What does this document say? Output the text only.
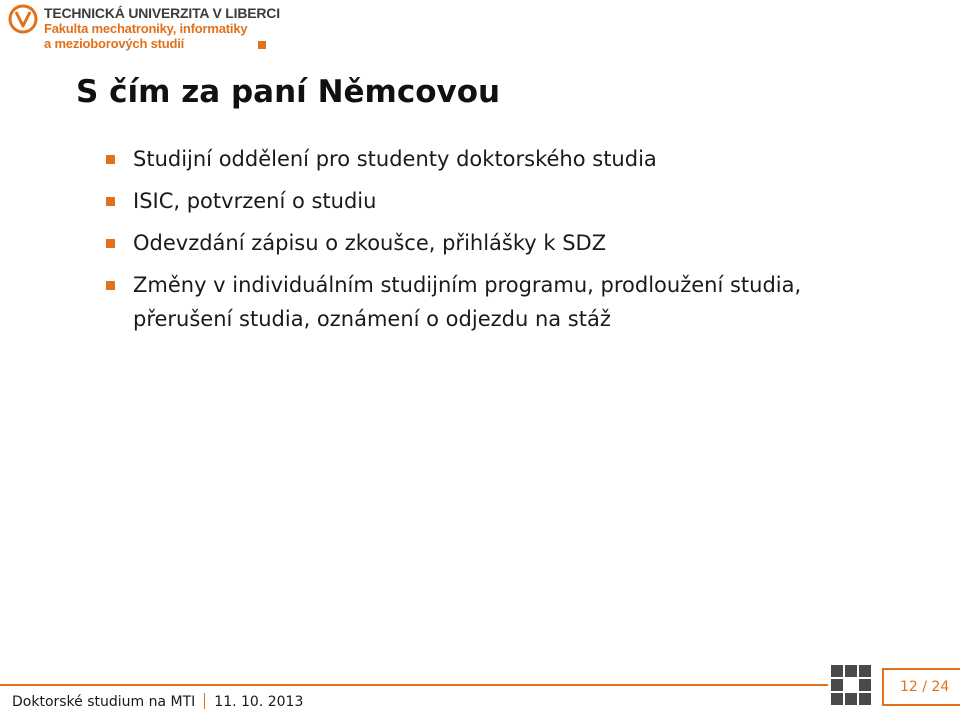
TECHNICKÁ UNIVERZITA V LIBERCI
Fakulta mechatroniky, informatiky
a mezioborových studií
S čím za paní Němcovou
Studijní oddělení pro studenty doktorského studia
ISIC, potvrzení o studiu
Odevzdání zápisu o zkoušce, přihlášky k SDZ
Změny v individuálním studijním programu, prodloužení studia, přerušení studia, oznámení o odjezdu na stáž
Doktorské studium na MTI 11. 10. 2013
12 / 24
